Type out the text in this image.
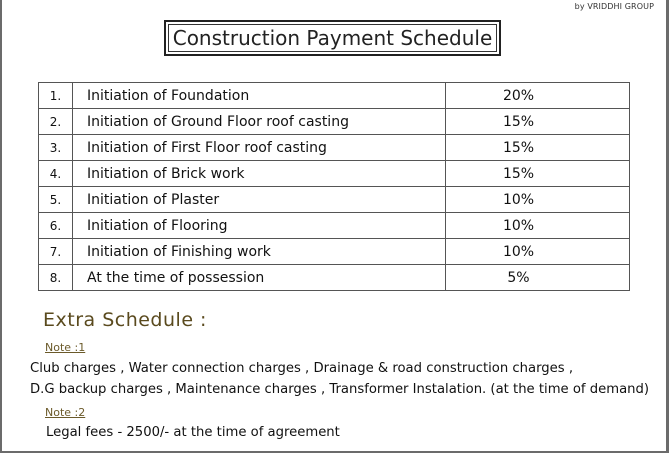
by VRIDDHI GROUP
Construction Payment Schedule
1.	Initiation of Foundation	20%
2.	Initiation of Ground Floor roof casting	15%
3.	Initiation of First Floor roof casting	15%
4.	Initiation of Brick work	15%
5.	Initiation of Plaster	10%
6.	Initiation of Flooring	10%
7.	Initiation of Finishing work	10%
8.	At the time of possession	5%
Extra Schedule :
Note :1
Club charges , Water connection charges , Drainage & road construction charges ,
D.G backup charges , Maintenance charges , Transformer Instalation. (at the time of demand)
Note :2
Legal fees - 2500/- at the time of agreement
